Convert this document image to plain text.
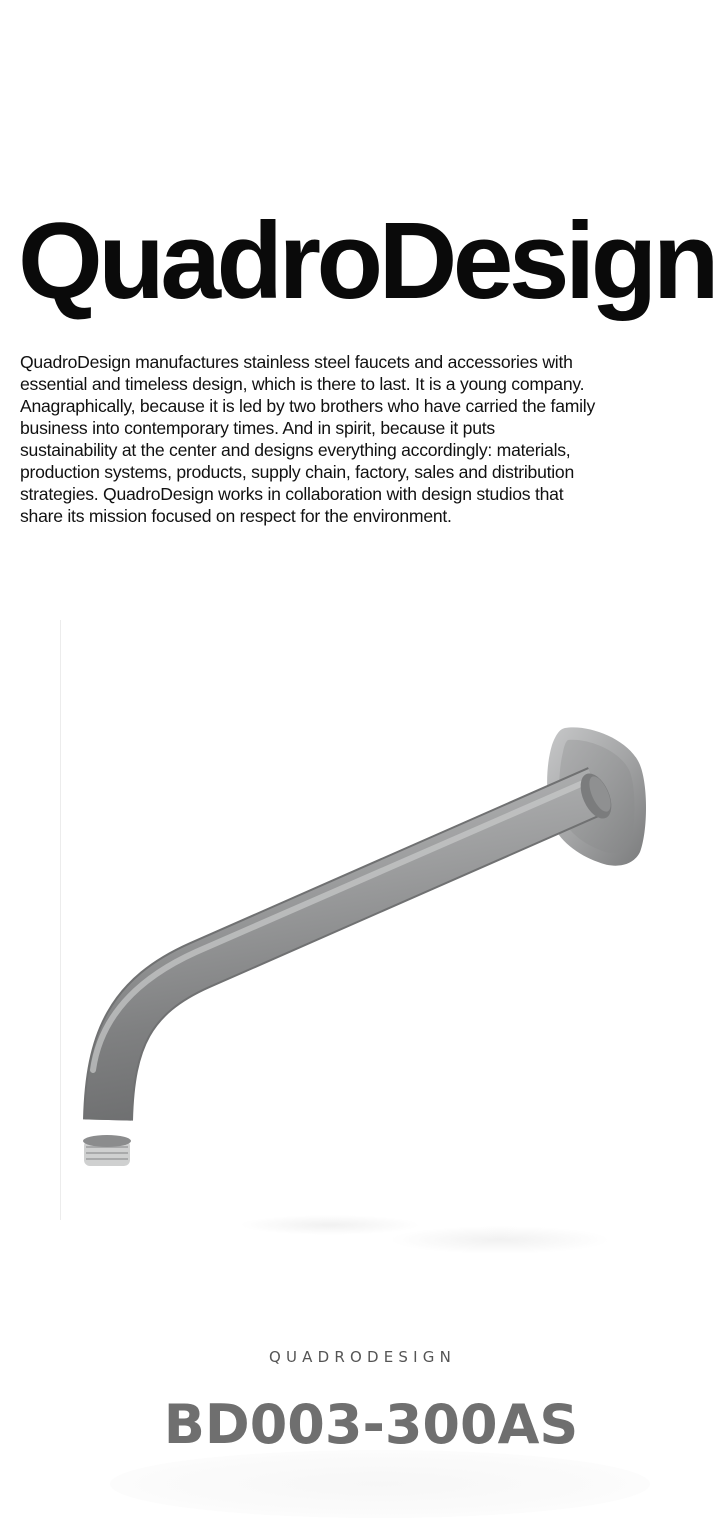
QuadroDesign

QuadroDesign manufactures stainless steel faucets and accessories with
essential and timeless design, which is there to last. It is a young company.
Anagraphically, because it is led by two brothers who have carried the family
business into contemporary times. And in spirit, because it puts
sustainability at the center and designs everything accordingly: materials,
production systems, products, supply chain, factory, sales and distribution
strategies. QuadroDesign works in collaboration with design studios that
share its mission focused on respect for the environment.

QUADRODESIGN
BD003-300AS
